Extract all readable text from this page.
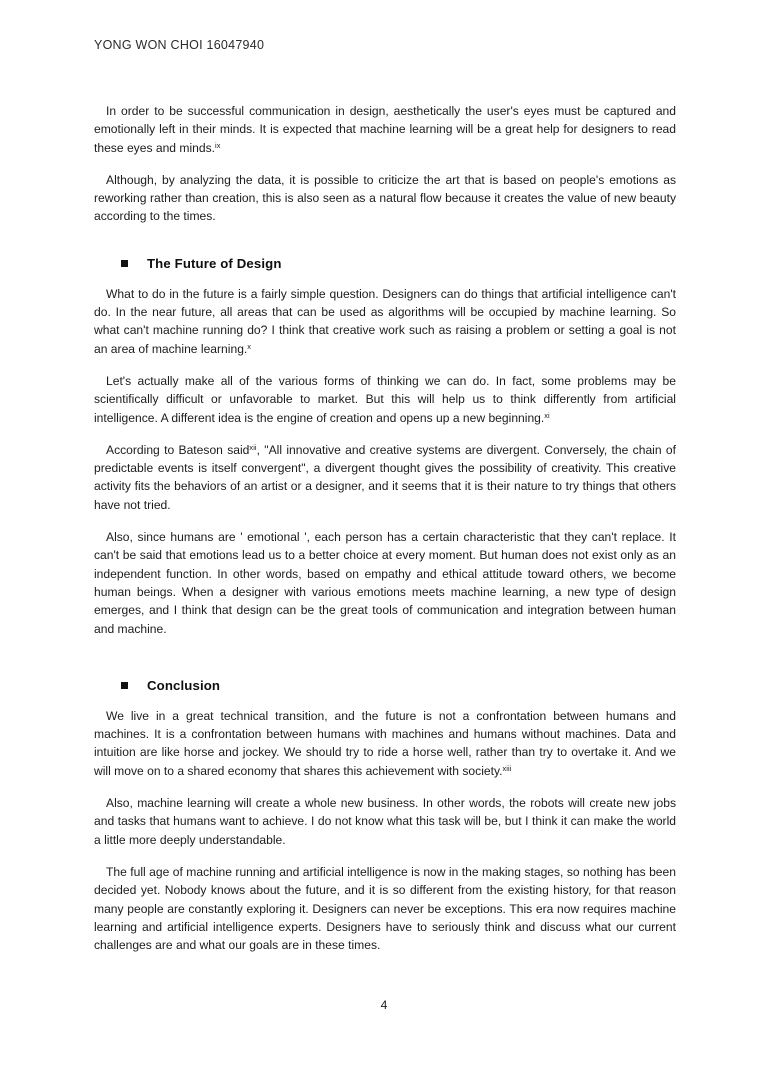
YONG WON CHOI 16047940

In order to be successful communication in design, aesthetically the user's eyes must be captured and emotionally left in their minds. It is expected that machine learning will be a great help for designers to read these eyes and minds.$^{ix}$

Although, by analyzing the data, it is possible to criticize the art that is based on people's emotions as reworking rather than creation, this is also seen as a natural flow because it creates the value of new beauty according to the times.

The Future of Design

What to do in the future is a fairly simple question. Designers can do things that artificial intelligence can't do. In the near future, all areas that can be used as algorithms will be occupied by machine learning. So what can't machine running do? I think that creative work such as raising a problem or setting a goal is not an area of machine learning.$^x$

Let's actually make all of the various forms of thinking we can do. In fact, some problems may be scientifically difficult or unfavorable to market. But this will help us to think differently from artificial intelligence. A different idea is the engine of creation and opens up a new beginning.$^{xi}$

According to Bateson said$^{xii}$, "All innovative and creative systems are divergent. Conversely, the chain of predictable events is itself convergent", a divergent thought gives the possibility of creativity. This creative activity fits the behaviors of an artist or a designer, and it seems that it is their nature to try things that others have not tried.

Also, since humans are ' emotional ', each person has a certain characteristic that they can't replace. It can't be said that emotions lead us to a better choice at every moment. But human does not exist only as an independent function. In other words, based on empathy and ethical attitude toward others, we become human beings. When a designer with various emotions meets machine learning, a new type of design emerges, and I think that design can be the great tools of communication and integration between human and machine.

Conclusion

We live in a great technical transition, and the future is not a confrontation between humans and machines. It is a confrontation between humans with machines and humans without machines. Data and intuition are like horse and jockey. We should try to ride a horse well, rather than try to overtake it. And we will move on to a shared economy that shares this achievement with society.$^{xiii}$

Also, machine learning will create a whole new business. In other words, the robots will create new jobs and tasks that humans want to achieve. I do not know what this task will be, but I think it can make the world a little more deeply understandable.

The full age of machine running and artificial intelligence is now in the making stages, so nothing has been decided yet. Nobody knows about the future, and it is so different from the existing history, for that reason many people are constantly exploring it. Designers can never be exceptions. This era now requires machine learning and artificial intelligence experts. Designers have to seriously think and discuss what our current challenges are and what our goals are in these times.

4
